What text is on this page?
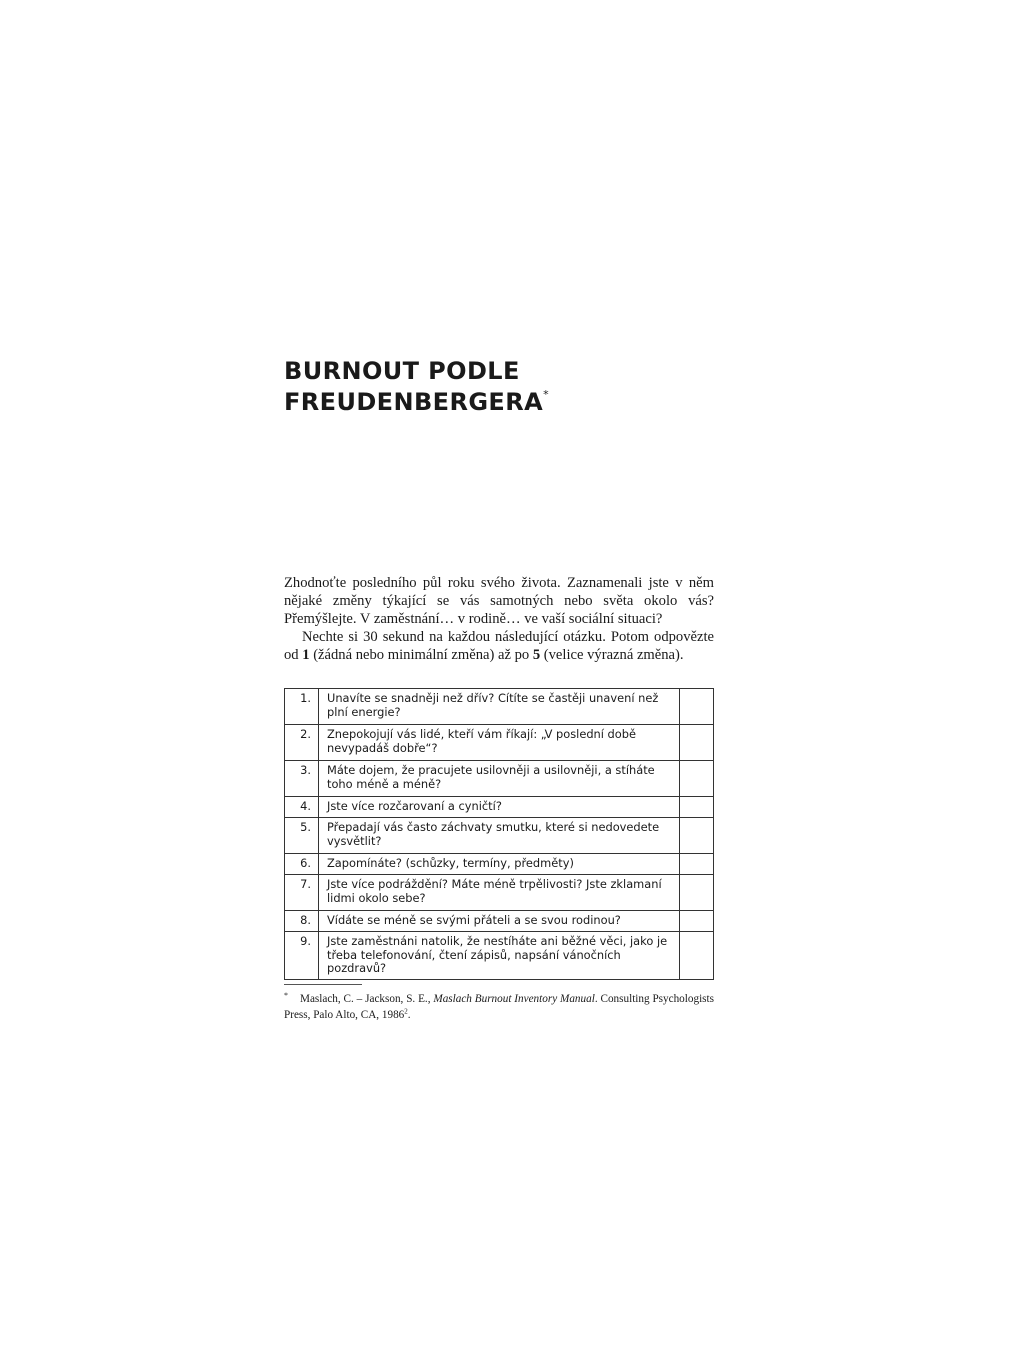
BURNOUT PODLE
FREUDENBERGERA*

Zhodnoťte posledního půl roku svého života. Zaznamenali jste v něm nějaké změny týkající se vás samotných nebo světa okolo vás? Přemýšlejte. V zaměstnání… v rodině… ve vaší sociální situaci?

Nechte si 30 sekund na každou následující otázku. Potom odpovězte od 1 (žádná nebo minimální změna) až po 5 (velice výrazná změna).

1.	Unavíte se snadněji než dřív? Cítíte se častěji unavení než plní energie?	
2.	Znepokojují vás lidé, kteří vám říkají: „V poslední době nevypadáš dobře“?	
3.	Máte dojem, že pracujete usilovněji a usilovněji, a stíháte toho méně a méně?	
4.	Jste více rozčarovaní a cyničtí?	
5.	Přepadají vás často záchvaty smutku, které si nedovedete vysvětlit?	
6.	Zapomínáte? (schůzky, termíny, předměty)	
7.	Jste více podráždění? Máte méně trpělivosti? Jste zklamaní lidmi okolo sebe?	
8.	Vídáte se méně se svými přáteli a se svou rodinou?	
9.	Jste zaměstnáni natolik, že nestíháte ani běžné věci, jako je třeba telefonování, čtení zápisů, napsání vánočních pozdravů?	
* Maslach, C. – Jackson, S. E., Maslach Burnout Inventory Manual. Consulting Psychologists Press, Palo Alto, CA, 1986$^2$.
